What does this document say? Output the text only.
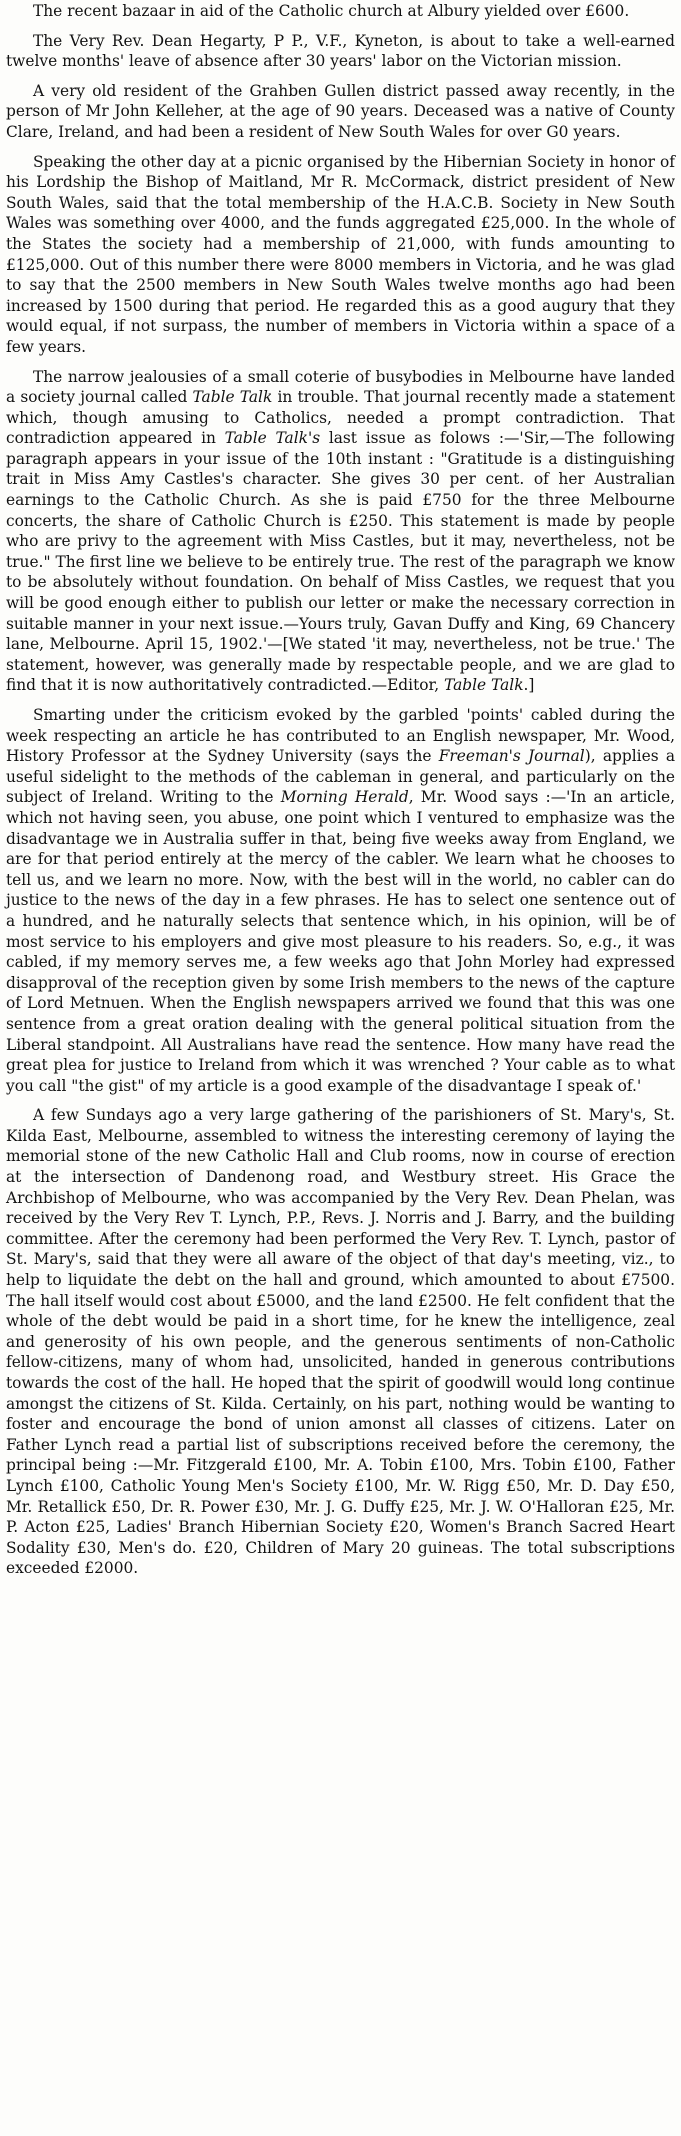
The recent bazaar in aid of the Catholic church at Albury yielded over £600.

The Very Rev. Dean Hegarty, P P., V.F., Kyneton, is about to take a well-earned twelve months' leave of absence after 30 years' labor on the Victorian mission.

A very old resident of the Grahben Gullen district passed away recently, in the person of Mr John Kelleher, at the age of 90 years. Deceased was a native of County Clare, Ireland, and had been a resident of New South Wales for over G0 years.

Speaking the other day at a picnic organised by the Hibernian Society in honor of his Lordship the Bishop of Maitland, Mr R. McCormack, district president of New South Wales, said that the total membership of the H.A.C.B. Society in New South Wales was something over 4000, and the funds aggregated £25,000. In the whole of the States the society had a membership of 21,000, with funds amounting to £125,000. Out of this number there were 8000 members in Victoria, and he was glad to say that the 2500 members in New South Wales twelve months ago had been increased by 1500 during that period. He regarded this as a good augury that they would equal, if not surpass, the number of members in Victoria within a space of a few years.

The narrow jealousies of a small coterie of busybodies in Melbourne have landed a society journal called Table Talk in trouble. That journal recently made a statement which, though amusing to Catholics, needed a prompt contradiction. That contradiction appeared in Table Talk's last issue as folows :—'Sir,—The following paragraph appears in your issue of the 10th instant : "Gratitude is a distinguishing trait in Miss Amy Castles's character. She gives 30 per cent. of her Australian earnings to the Catholic Church. As she is paid £750 for the three Melbourne concerts, the share of Catholic Church is £250. This statement is made by people who are privy to the agreement with Miss Castles, but it may, nevertheless, not be true." The first line we believe to be entirely true. The rest of the paragraph we know to be absolutely without foundation. On behalf of Miss Castles, we request that you will be good enough either to publish our letter or make the necessary correction in suitable manner in your next issue.—Yours truly, Gavan Duffy and King, 69 Chancery lane, Melbourne. April 15, 1902.'—[We stated 'it may, nevertheless, not be true.' The statement, however, was generally made by respectable people, and we are glad to find that it is now authoritatively contradicted.—Editor, Table Talk.]

Smarting under the criticism evoked by the garbled 'points' cabled during the week respecting an article he has contributed to an English newspaper, Mr. Wood, History Professor at the Sydney University (says the Freeman's Journal), applies a useful sidelight to the methods of the cableman in general, and particularly on the subject of Ireland. Writing to the Morning Herald, Mr. Wood says :—'In an article, which not having seen, you abuse, one point which I ventured to emphasize was the disadvantage we in Australia suffer in that, being five weeks away from England, we are for that period entirely at the mercy of the cabler. We learn what he chooses to tell us, and we learn no more. Now, with the best will in the world, no cabler can do justice to the news of the day in a few phrases. He has to select one sentence out of a hundred, and he naturally selects that sentence which, in his opinion, will be of most service to his employers and give most pleasure to his readers. So, e.g., it was cabled, if my memory serves me, a few weeks ago that John Morley had expressed disapproval of the reception given by some Irish members to the news of the capture of Lord Metnuen. When the English newspapers arrived we found that this was one sentence from a great oration dealing with the general political situation from the Liberal standpoint. All Australians have read the sentence. How many have read the great plea for justice to Ireland from which it was wrenched ? Your cable as to what you call "the gist" of my article is a good example of the disadvantage I speak of.'

A few Sundays ago a very large gathering of the parishioners of St. Mary's, St. Kilda East, Melbourne, assembled to witness the interesting ceremony of laying the memorial stone of the new Catholic Hall and Club rooms, now in course of erection at the intersection of Dandenong road, and Westbury street. His Grace the Archbishop of Melbourne, who was accompanied by the Very Rev. Dean Phelan, was received by the Very Rev T. Lynch, P.P., Revs. J. Norris and J. Barry, and the building committee. After the ceremony had been performed the Very Rev. T. Lynch, pastor of St. Mary's, said that they were all aware of the object of that day's meeting, viz., to help to liquidate the debt on the hall and ground, which amounted to about £7500. The hall itself would cost about £5000, and the land £2500. He felt confident that the whole of the debt would be paid in a short time, for he knew the intelligence, zeal and generosity of his own people, and the generous sentiments of non-Catholic fellow-citizens, many of whom had, unsolicited, handed in generous contributions towards the cost of the hall. He hoped that the spirit of goodwill would long continue amongst the citizens of St. Kilda. Certainly, on his part, nothing would be wanting to foster and encourage the bond of union amonst all classes of citizens. Later on Father Lynch read a partial list of subscriptions received before the ceremony, the principal being :—Mr. Fitzgerald £100, Mr. A. Tobin £100, Mrs. Tobin £100, Father Lynch £100, Catholic Young Men's Society £100, Mr. W. Rigg £50, Mr. D. Day £50, Mr. Retallick £50, Dr. R. Power £30, Mr. J. G. Duffy £25, Mr. J. W. O'Halloran £25, Mr. P. Acton £25, Ladies' Branch Hibernian Society £20, Women's Branch Sacred Heart Sodality £30, Men's do. £20, Children of Mary 20 guineas. The total subscriptions exceeded £2000.
